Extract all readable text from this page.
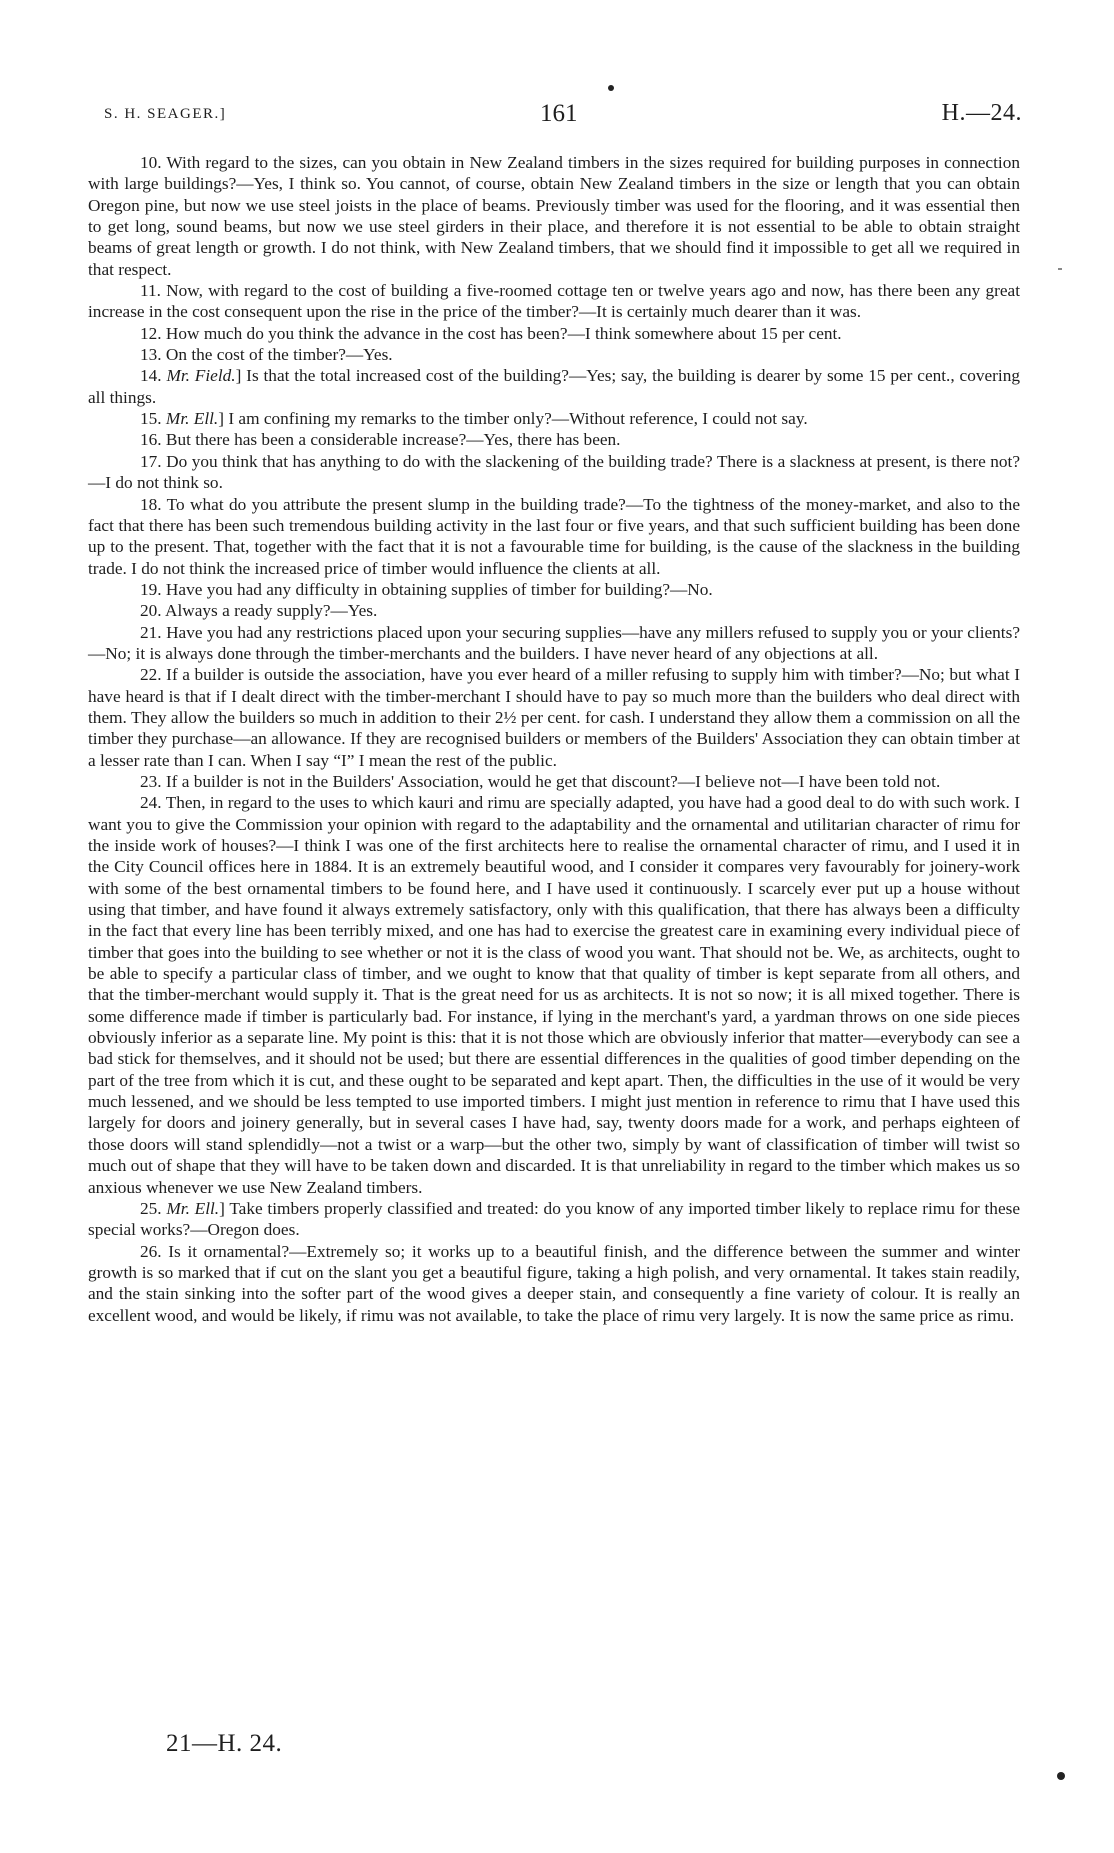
S. H. SEAGER.]	161	H.—24.

10. With regard to the sizes, can you obtain in New Zealand timbers in the sizes required for building purposes in connection with large buildings?—Yes, I think so. You cannot, of course, obtain New Zealand timbers in the size or length that you can obtain Oregon pine, but now we use steel joists in the place of beams. Previously timber was used for the flooring, and it was essential then to get long, sound beams, but now we use steel girders in their place, and therefore it is not essential to be able to obtain straight beams of great length or growth. I do not think, with New Zealand timbers, that we should find it impossible to get all we required in that respect.

11. Now, with regard to the cost of building a five-roomed cottage ten or twelve years ago and now, has there been any great increase in the cost consequent upon the rise in the price of the timber?—It is certainly much dearer than it was.

12. How much do you think the advance in the cost has been?—I think somewhere about 15 per cent.

13. On the cost of the timber?—Yes.

14. Mr. Field.] Is that the total increased cost of the building?—Yes; say, the building is dearer by some 15 per cent., covering all things.

15. Mr. Ell.] I am confining my remarks to the timber only?—Without reference, I could not say.

16. But there has been a considerable increase?—Yes, there has been.

17. Do you think that has anything to do with the slackening of the building trade? There is a slackness at present, is there not?—I do not think so.

18. To what do you attribute the present slump in the building trade?—To the tightness of the money-market, and also to the fact that there has been such tremendous building activity in the last four or five years, and that such sufficient building has been done up to the present. That, together with the fact that it is not a favourable time for building, is the cause of the slackness in the building trade. I do not think the increased price of timber would influence the clients at all.

19. Have you had any difficulty in obtaining supplies of timber for building?—No.

20. Always a ready supply?—Yes.

21. Have you had any restrictions placed upon your securing supplies—have any millers refused to supply you or your clients?—No; it is always done through the timber-merchants and the builders. I have never heard of any objections at all.

22. If a builder is outside the association, have you ever heard of a miller refusing to supply him with timber?—No; but what I have heard is that if I dealt direct with the timber-merchant I should have to pay so much more than the builders who deal direct with them. They allow the builders so much in addition to their 2½ per cent. for cash. I understand they allow them a commission on all the timber they purchase—an allowance. If they are recognised builders or members of the Builders' Association they can obtain timber at a lesser rate than I can. When I say “I” I mean the rest of the public.

23. If a builder is not in the Builders' Association, would he get that discount?—I believe not—I have been told not.

24. Then, in regard to the uses to which kauri and rimu are specially adapted, you have had a good deal to do with such work. I want you to give the Commission your opinion with regard to the adaptability and the ornamental and utilitarian character of rimu for the inside work of houses?—I think I was one of the first architects here to realise the ornamental character of rimu, and I used it in the City Council offices here in 1884. It is an extremely beautiful wood, and I consider it compares very favourably for joinery-work with some of the best ornamental timbers to be found here, and I have used it continuously. I scarcely ever put up a house without using that timber, and have found it always extremely satisfactory, only with this qualification, that there has always been a difficulty in the fact that every line has been terribly mixed, and one has had to exercise the greatest care in examining every individual piece of timber that goes into the building to see whether or not it is the class of wood you want. That should not be. We, as architects, ought to be able to specify a particular class of timber, and we ought to know that that quality of timber is kept separate from all others, and that the timber-merchant would supply it. That is the great need for us as architects. It is not so now; it is all mixed together. There is some difference made if timber is particularly bad. For instance, if lying in the merchant's yard, a yardman throws on one side pieces obviously inferior as a separate line. My point is this: that it is not those which are obviously inferior that matter—everybody can see a bad stick for themselves, and it should not be used; but there are essential differences in the qualities of good timber depending on the part of the tree from which it is cut, and these ought to be separated and kept apart. Then, the difficulties in the use of it would be very much lessened, and we should be less tempted to use imported timbers. I might just mention in reference to rimu that I have used this largely for doors and joinery generally, but in several cases I have had, say, twenty doors made for a work, and perhaps eighteen of those doors will stand splendidly—not a twist or a warp—but the other two, simply by want of classification of timber will twist so much out of shape that they will have to be taken down and discarded. It is that unreliability in regard to the timber which makes us so anxious whenever we use New Zealand timbers.

25. Mr. Ell.] Take timbers properly classified and treated: do you know of any imported timber likely to replace rimu for these special works?—Oregon does.

26. Is it ornamental?—Extremely so; it works up to a beautiful finish, and the difference between the summer and winter growth is so marked that if cut on the slant you get a beautiful figure, taking a high polish, and very ornamental. It takes stain readily, and the stain sinking into the softer part of the wood gives a deeper stain, and consequently a fine variety of colour. It is really an excellent wood, and would be likely, if rimu was not available, to take the place of rimu very largely. It is now the same price as rimu.

21—H. 24.
